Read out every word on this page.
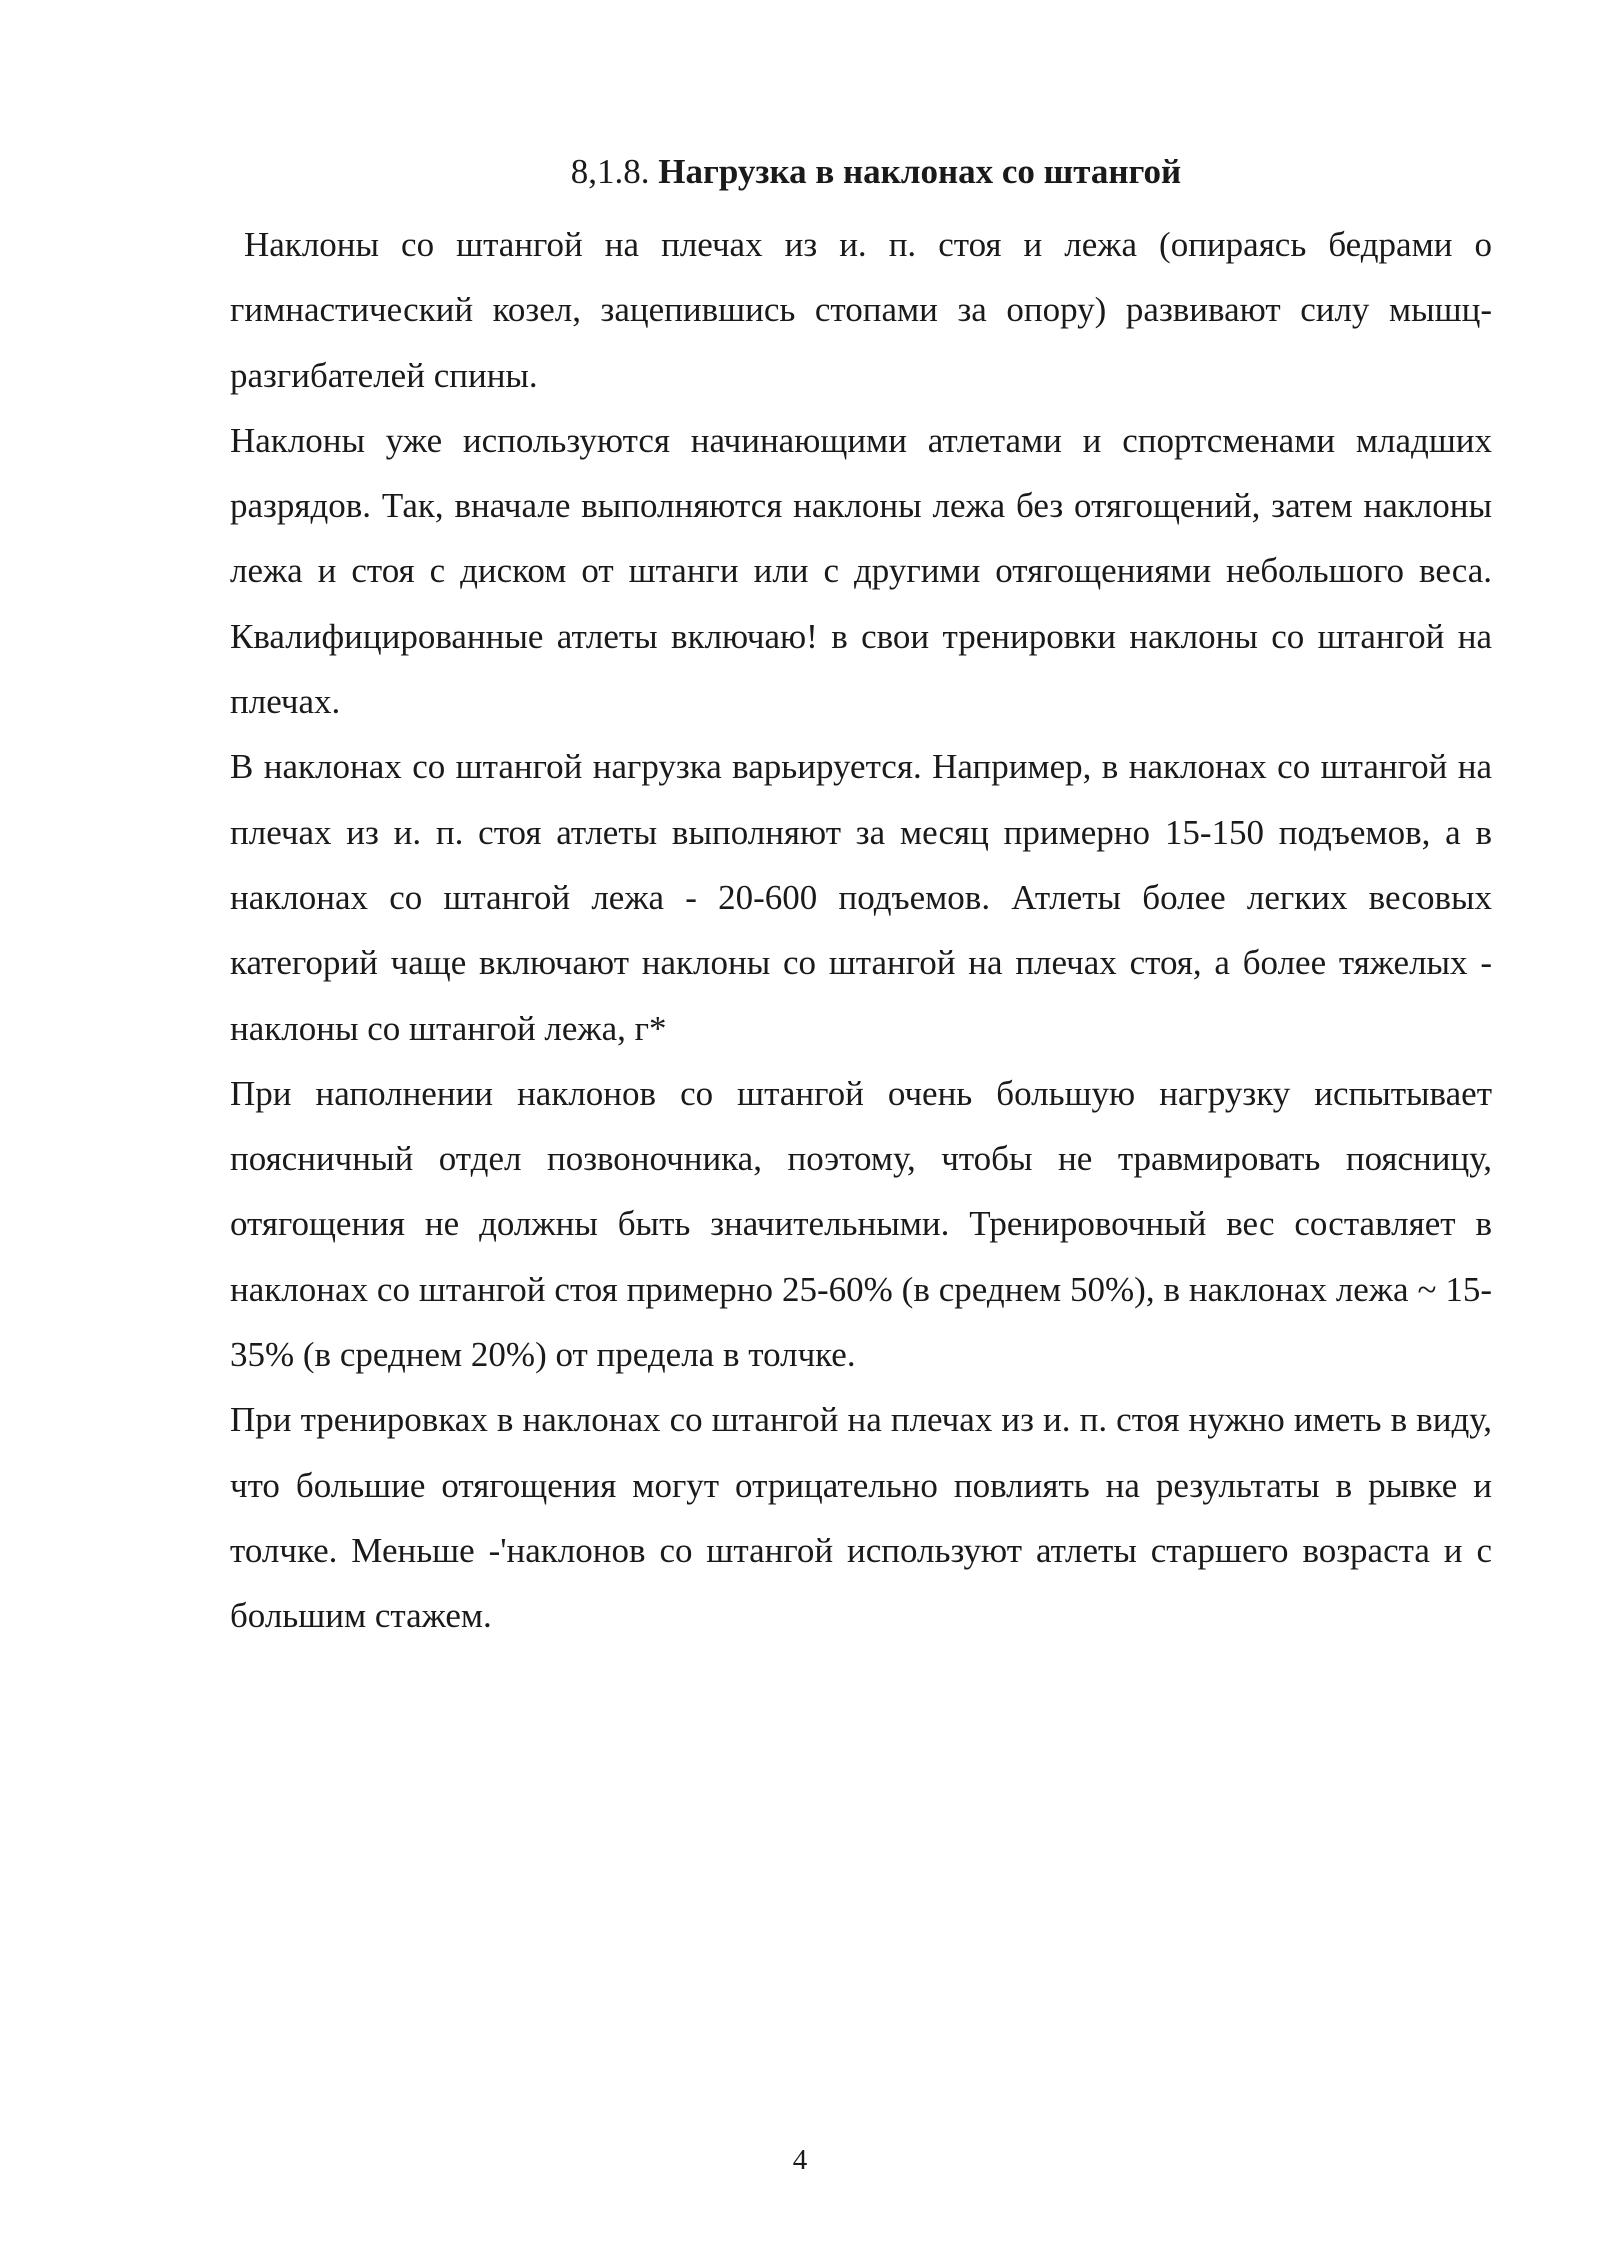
8,1.8. Нагрузка в наклонах со штангой

Наклоны со штангой на плечах из и. п. стоя и лежа (опираясь бедрами о гимнастический козел, зацепившись стопами за опору) развивают силу мышц-разгибателей спины.

Наклоны уже используются начинающими атлетами и спортсменами младших разрядов. Так, вначале выполняются наклоны лежа без отягощений, затем наклоны лежа и стоя с диском от штанги или с другими отягощениями небольшого веса. Квалифицированные атлеты включаю! в свои тренировки наклоны со штангой на плечах.

В наклонах со штангой нагрузка варьируется. Например, в наклонах со штангой на плечах из и. п. стоя атлеты выполняют за месяц примерно 15-150 подъемов, а в наклонах со штангой лежа - 20-600 подъемов. Атлеты более легких весовых категорий чаще включают наклоны со штангой на плечах стоя, а более тяжелых - наклоны со штангой лежа, г*

При наполнении наклонов со штангой очень большую нагрузку испытывает поясничный отдел позвоночника, поэтому, чтобы не травмировать поясницу, отягощения не должны быть значительными. Тренировочный вес составляет в наклонах со штангой стоя примерно 25-60% (в среднем 50%), в наклонах лежа ~ 15-35% (в среднем 20%) от предела в толчке.

При тренировках в наклонах со штангой на плечах из и. п. стоя нужно иметь в виду, что большие отягощения могут отрицательно повлиять на результаты в рывке и толчке. Меньше -'наклонов со штангой используют атлеты старшего возраста и с большим стажем.

4
